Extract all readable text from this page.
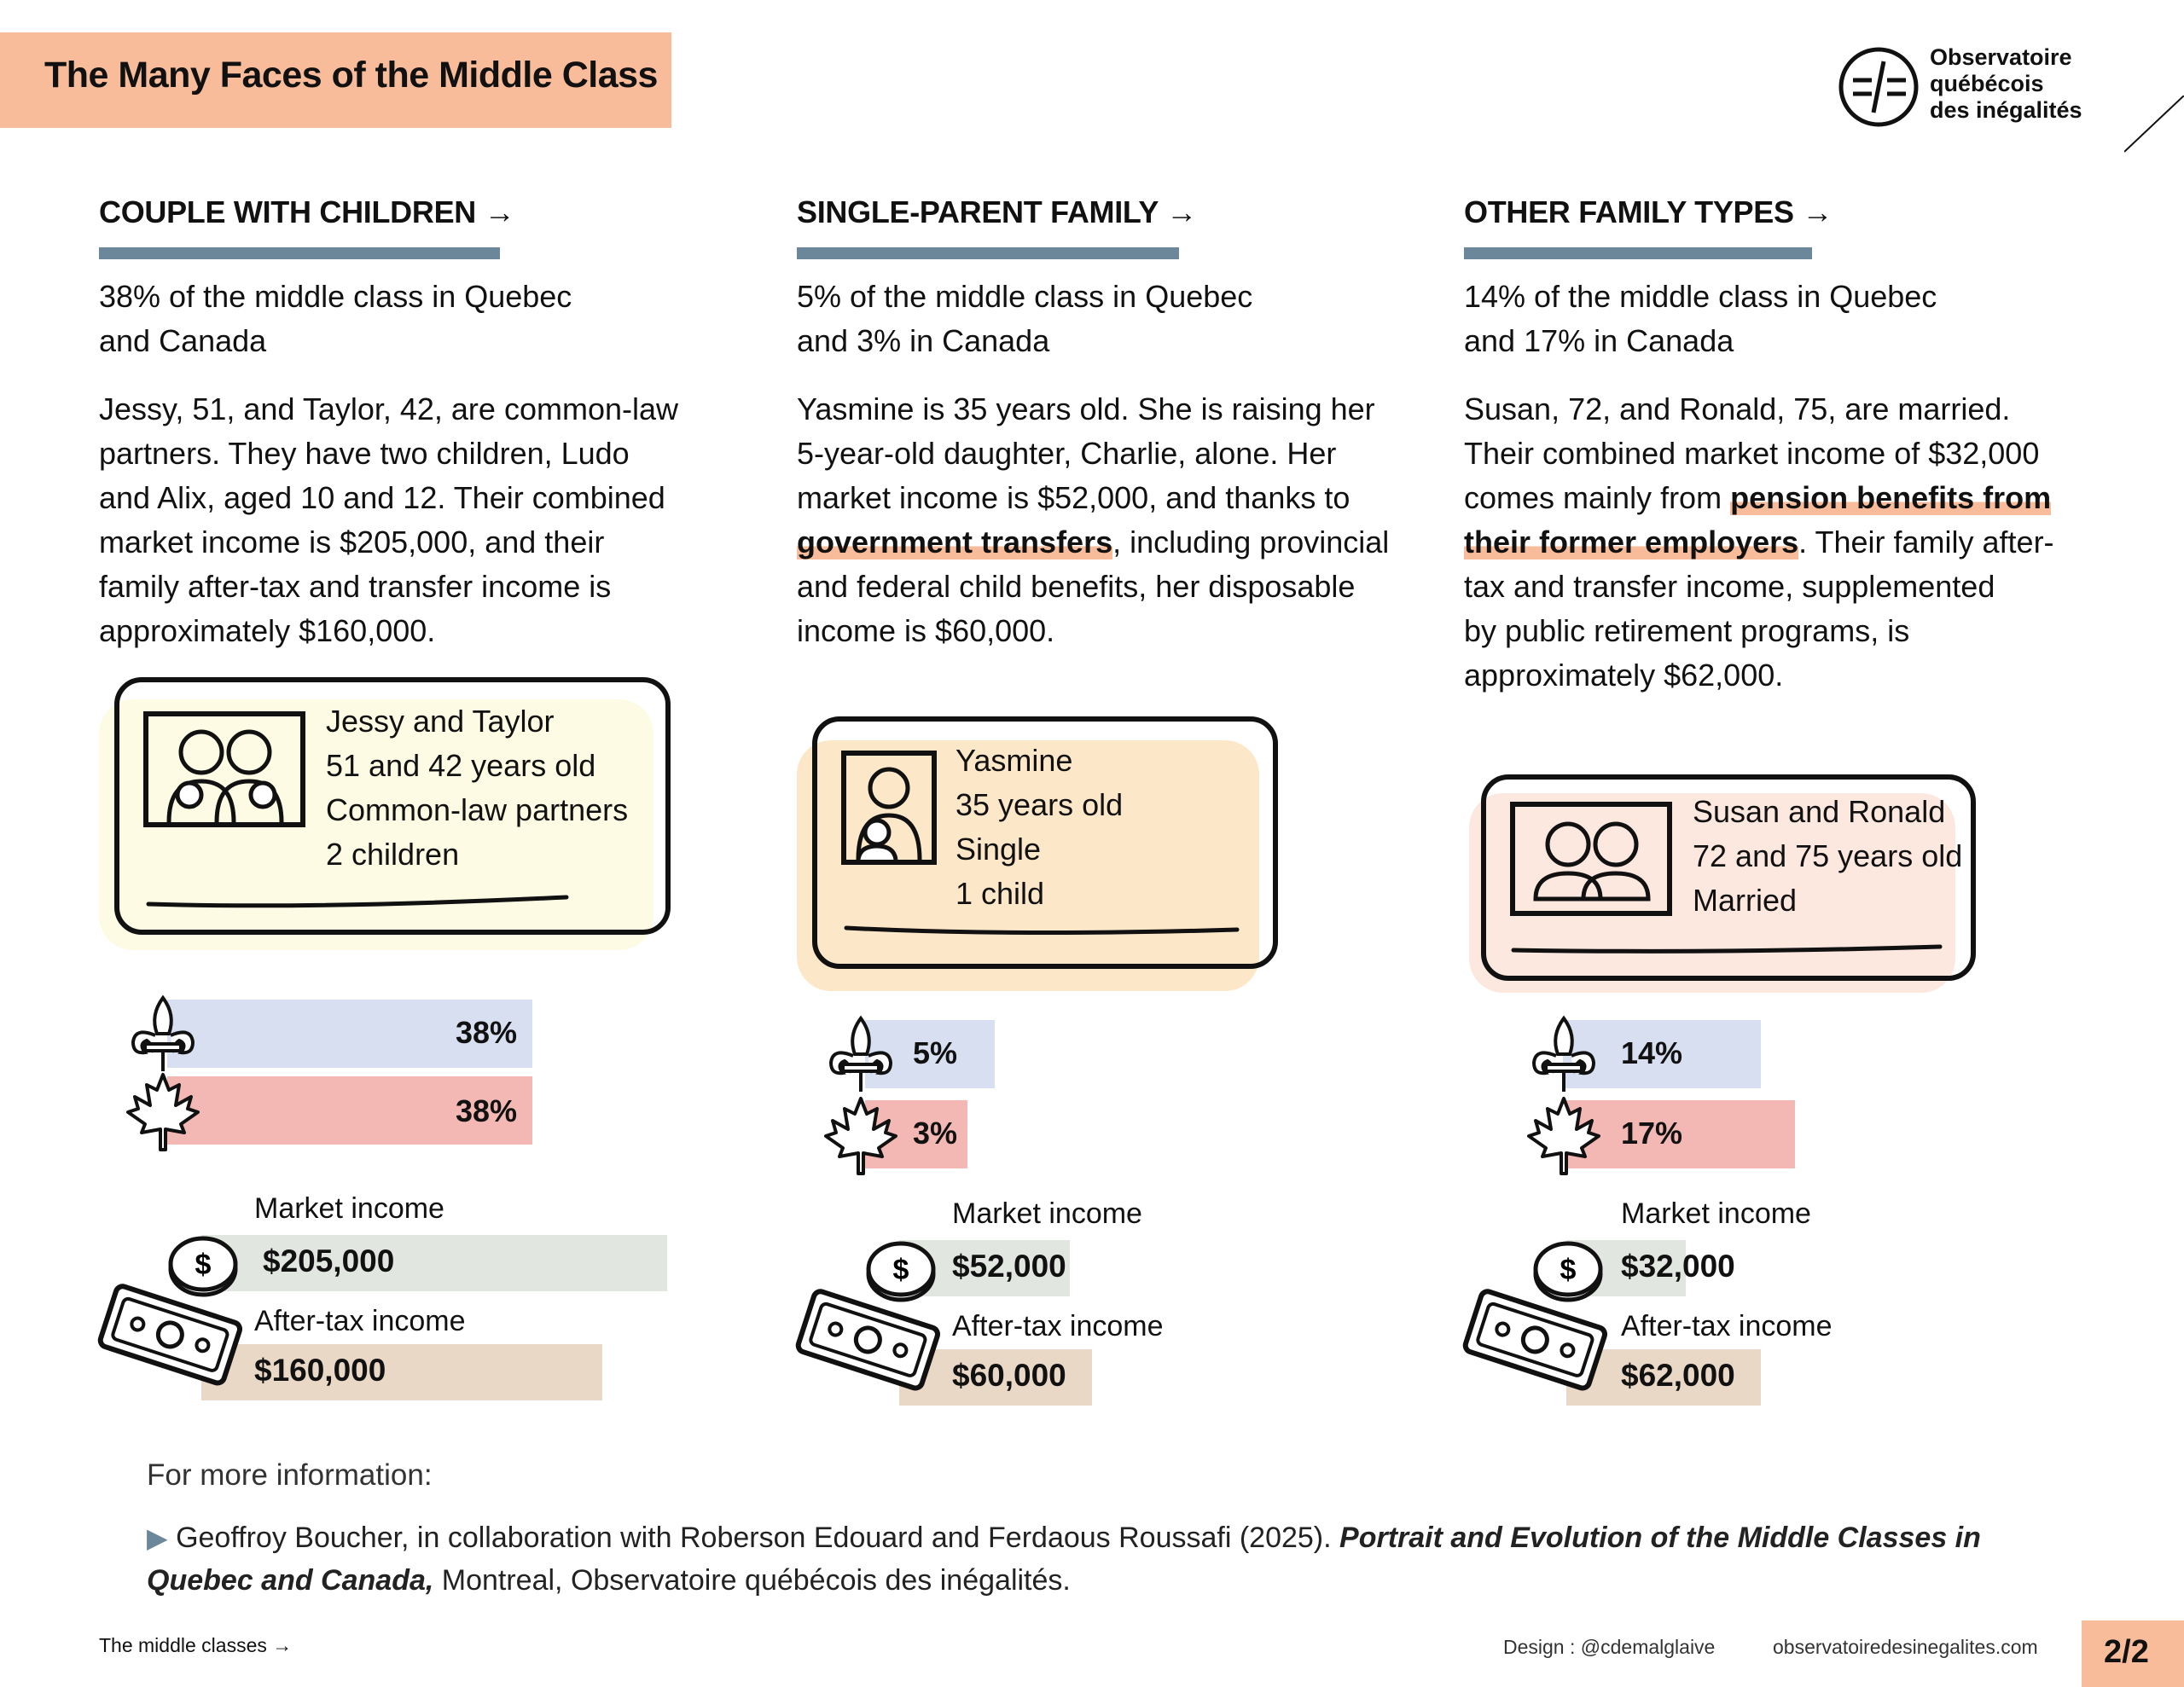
The Many Faces of the Middle Class	Observatoire
québécois
des inégalités
COUPLE WITH CHILDREN →
38% of the middle class in Quebec
and Canada
Jessy, 51, and Taylor, 42, are common-law
partners. They have two children, Ludo
and Alix, aged 10 and 12. Their combined
market income is $205,000, and their
family after-tax and transfer income is
approximately $160,000.
SINGLE-PARENT FAMILY →
5% of the middle class in Quebec
and 3% in Canada
Yasmine is 35 years old. She is raising her
5-year-old daughter, Charlie, alone. Her
market income is $52,000, and thanks to
government transfers, including provincial
and federal child benefits, her disposable
income is $60,000.
OTHER FAMILY TYPES →
14% of the middle class in Quebec
and 17% in Canada
Susan, 72, and Ronald, 75, are married.
Their combined market income of $32,000
comes mainly from pension benefits from
their former employers. Their family after-
tax and transfer income, supplemented
by public retirement programs, is
approximately $62,000.
Jessy and Taylor
51 and 42 years old
Common-law partners
2 children
Yasmine
35 years old
Single
1 child
Susan and Ronald
72 and 75 years old
Married
38%
38%
5%
3%
14%
17%
Market income
$205,000
After-tax income
$160,000
$
Market income
$52,000
After-tax income
$60,000
$
Market income
$32,000
After-tax income
$62,000
$
For more information:
▶ Geoffroy Boucher, in collaboration with Roberson Edouard and Ferdaous Roussafi (2025). Portrait and Evolution of the Middle Classes in Quebec and Canada, Montreal, Observatoire québécois des inégalités.
The middle classes →	Design : @cdemalglaive	observatoiredesinegalites.com 2/2
